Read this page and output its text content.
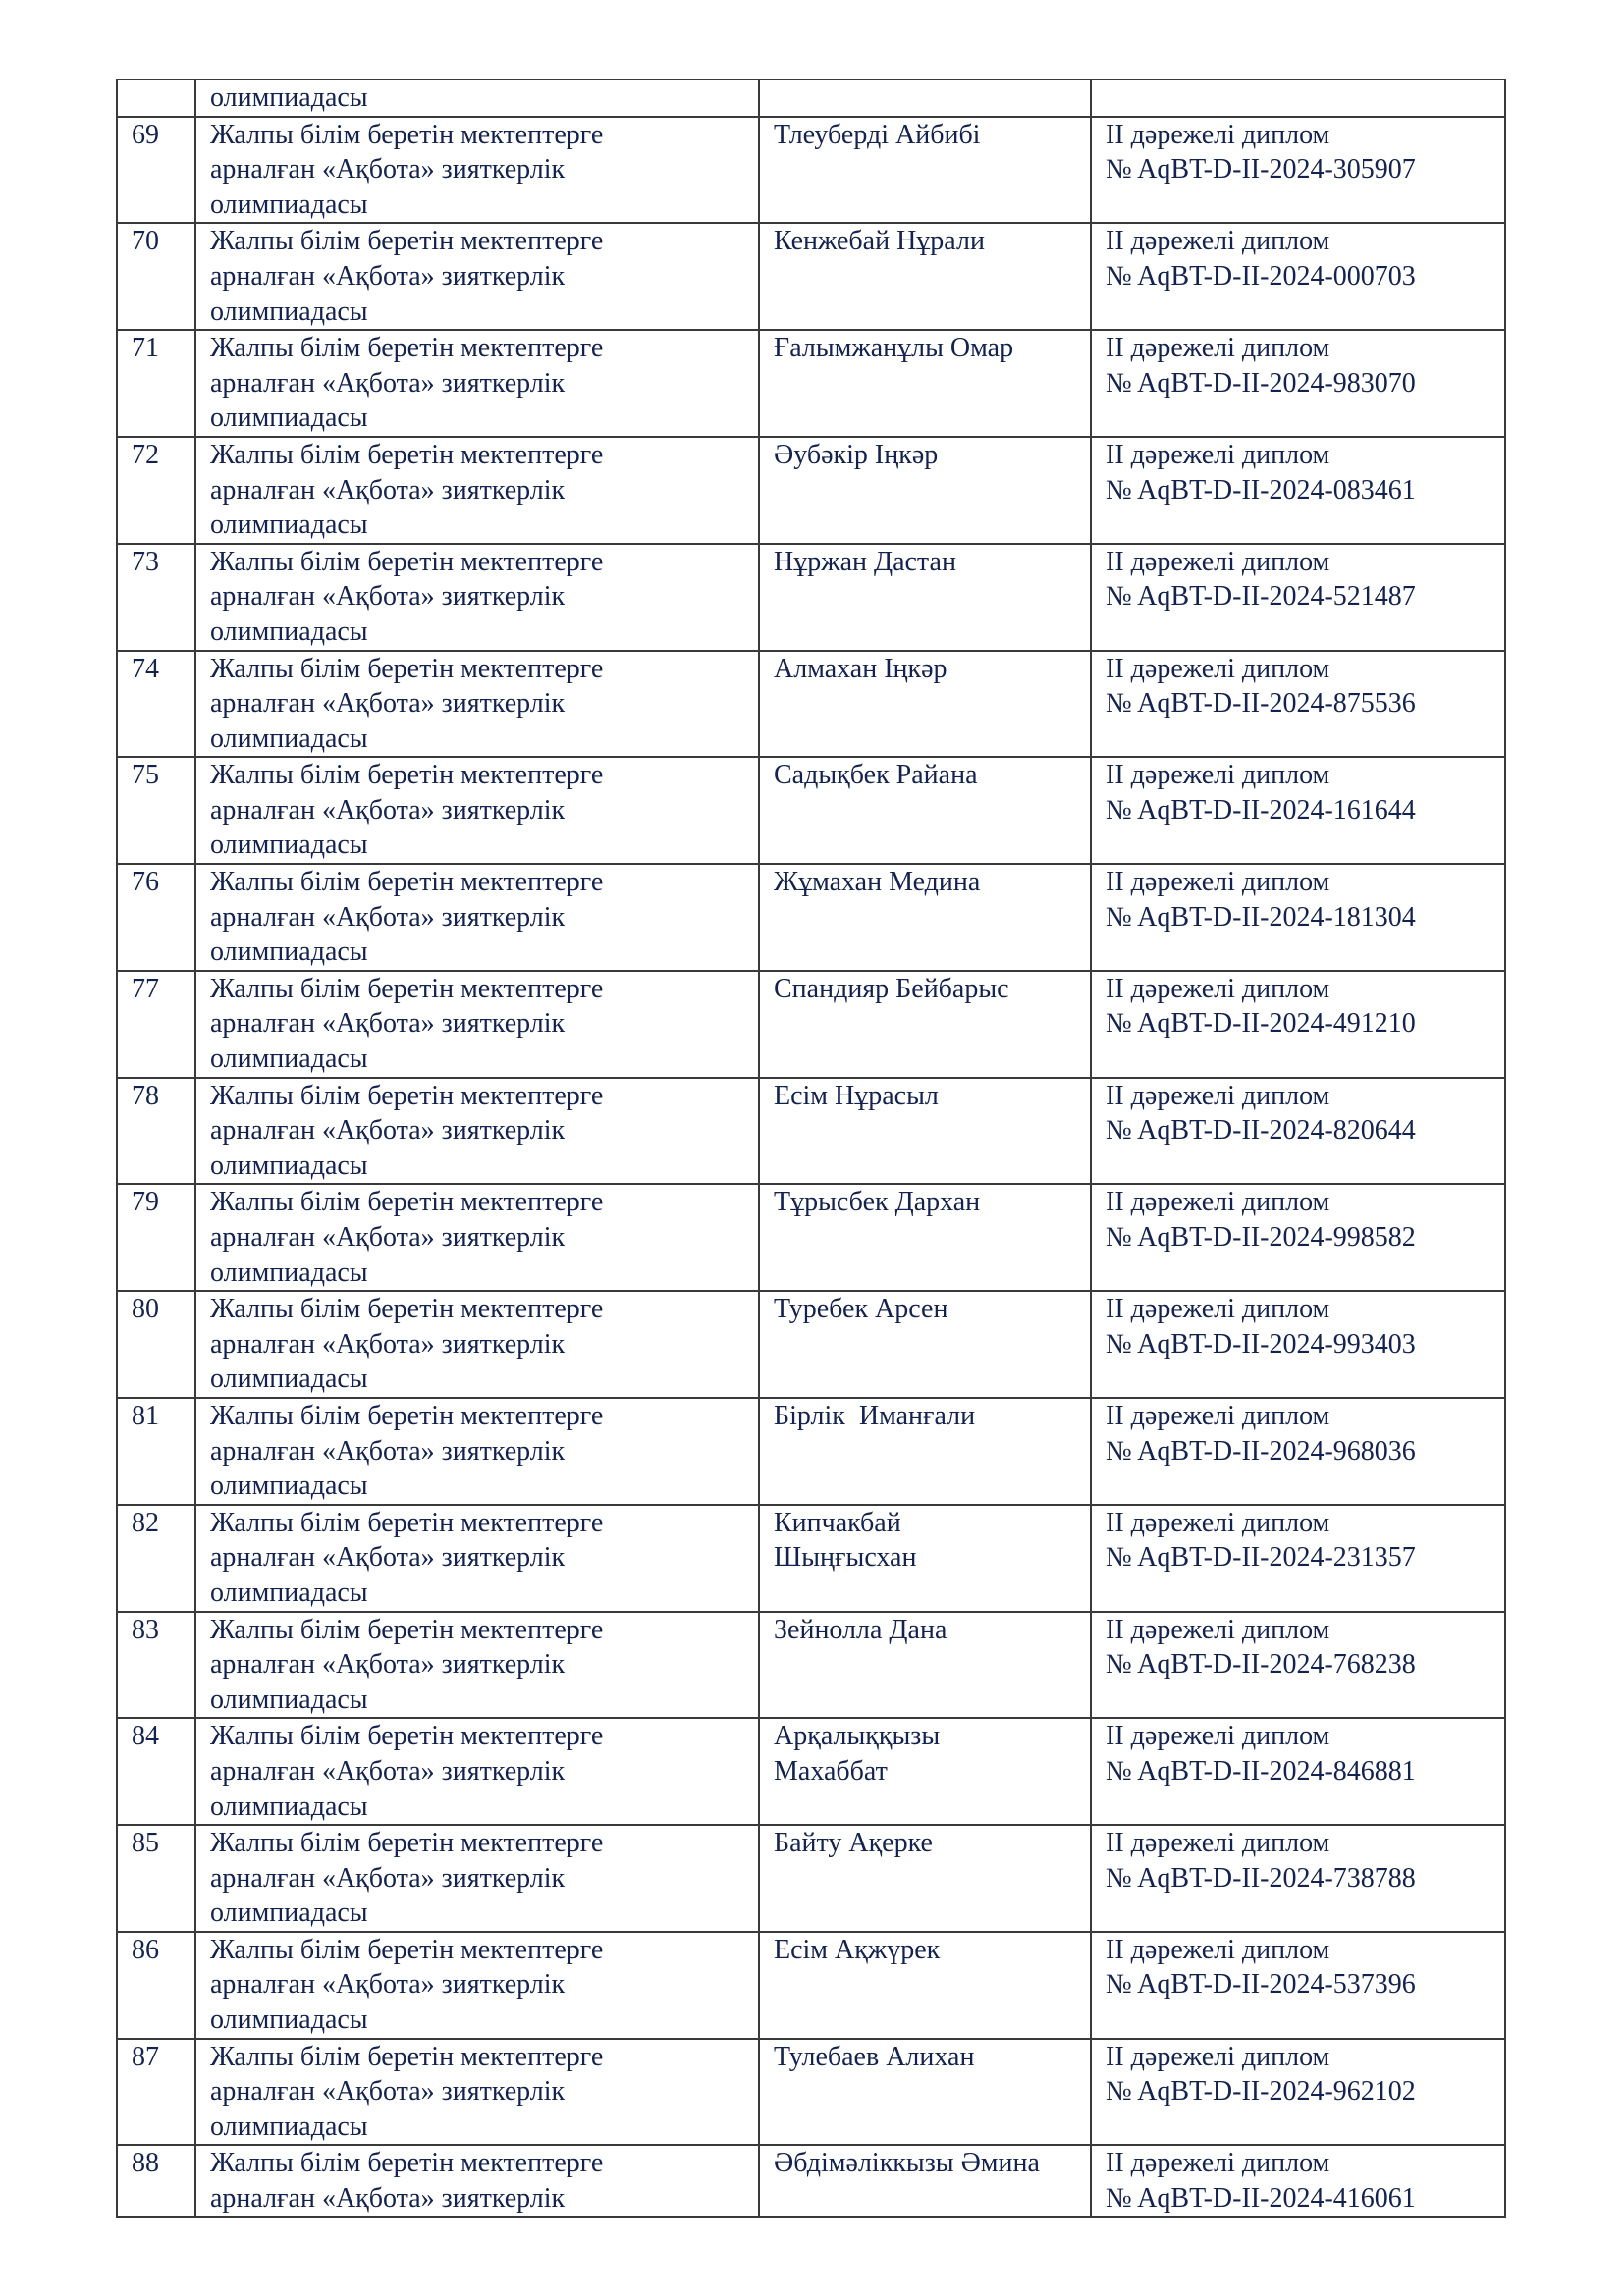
	олимпиадасы		

69	Жалпы білім беретін мектептерге
арналған «Ақбота» зияткерлік
олимпиадасы	Тлеуберді Айбибі	II дәрежелі диплом
№ AqBT-D-II-2024-305907

70	Жалпы білім беретін мектептерге
арналған «Ақбота» зияткерлік
олимпиадасы	Кенжебай Нұрали	II дәрежелі диплом
№ AqBT-D-II-2024-000703

71	Жалпы білім беретін мектептерге
арналған «Ақбота» зияткерлік
олимпиадасы	Ғалымжанұлы Омар	II дәрежелі диплом
№ AqBT-D-II-2024-983070

72	Жалпы білім беретін мектептерге
арналған «Ақбота» зияткерлік
олимпиадасы	Әубәкір Іңкәр	II дәрежелі диплом
№ AqBT-D-II-2024-083461

73	Жалпы білім беретін мектептерге
арналған «Ақбота» зияткерлік
олимпиадасы	Нұржан Дастан	II дәрежелі диплом
№ AqBT-D-II-2024-521487

74	Жалпы білім беретін мектептерге
арналған «Ақбота» зияткерлік
олимпиадасы	Алмахан Іңкәр	II дәрежелі диплом
№ AqBT-D-II-2024-875536

75	Жалпы білім беретін мектептерге
арналған «Ақбота» зияткерлік
олимпиадасы	Садықбек Райана	II дәрежелі диплом
№ AqBT-D-II-2024-161644

76	Жалпы білім беретін мектептерге
арналған «Ақбота» зияткерлік
олимпиадасы	Жұмахан Медина	II дәрежелі диплом
№ AqBT-D-II-2024-181304

77	Жалпы білім беретін мектептерге
арналған «Ақбота» зияткерлік
олимпиадасы	Спандияр Бейбарыс	II дәрежелі диплом
№ AqBT-D-II-2024-491210

78	Жалпы білім беретін мектептерге
арналған «Ақбота» зияткерлік
олимпиадасы	Есім Нұрасыл	II дәрежелі диплом
№ AqBT-D-II-2024-820644

79	Жалпы білім беретін мектептерге
арналған «Ақбота» зияткерлік
олимпиадасы	Тұрысбек Дархан	II дәрежелі диплом
№ AqBT-D-II-2024-998582

80	Жалпы білім беретін мектептерге
арналған «Ақбота» зияткерлік
олимпиадасы	Туребек Арсен	II дәрежелі диплом
№ AqBT-D-II-2024-993403

81	Жалпы білім беретін мектептерге
арналған «Ақбота» зияткерлік
олимпиадасы	Бірлік  Иманғали	II дәрежелі диплом
№ AqBT-D-II-2024-968036

82	Жалпы білім беретін мектептерге
арналған «Ақбота» зияткерлік
олимпиадасы	Кипчакбай
Шыңғысхан	II дәрежелі диплом
№ AqBT-D-II-2024-231357

83	Жалпы білім беретін мектептерге
арналған «Ақбота» зияткерлік
олимпиадасы	Зейнолла Дана	II дәрежелі диплом
№ AqBT-D-II-2024-768238

84	Жалпы білім беретін мектептерге
арналған «Ақбота» зияткерлік
олимпиадасы	Арқалыққызы
Махаббат	II дәрежелі диплом
№ AqBT-D-II-2024-846881

85	Жалпы білім беретін мектептерге
арналған «Ақбота» зияткерлік
олимпиадасы	Байту Ақерке	II дәрежелі диплом
№ AqBT-D-II-2024-738788

86	Жалпы білім беретін мектептерге
арналған «Ақбота» зияткерлік
олимпиадасы	Есім Ақжүрек	II дәрежелі диплом
№ AqBT-D-II-2024-537396

87	Жалпы білім беретін мектептерге
арналған «Ақбота» зияткерлік
олимпиадасы	Тулебаев Алихан	II дәрежелі диплом
№ AqBT-D-II-2024-962102

88	Жалпы білім беретін мектептерге
арналған «Ақбота» зияткерлік	Әбдімәліккызы Әмина	II дәрежелі диплом
№ AqBT-D-II-2024-416061
